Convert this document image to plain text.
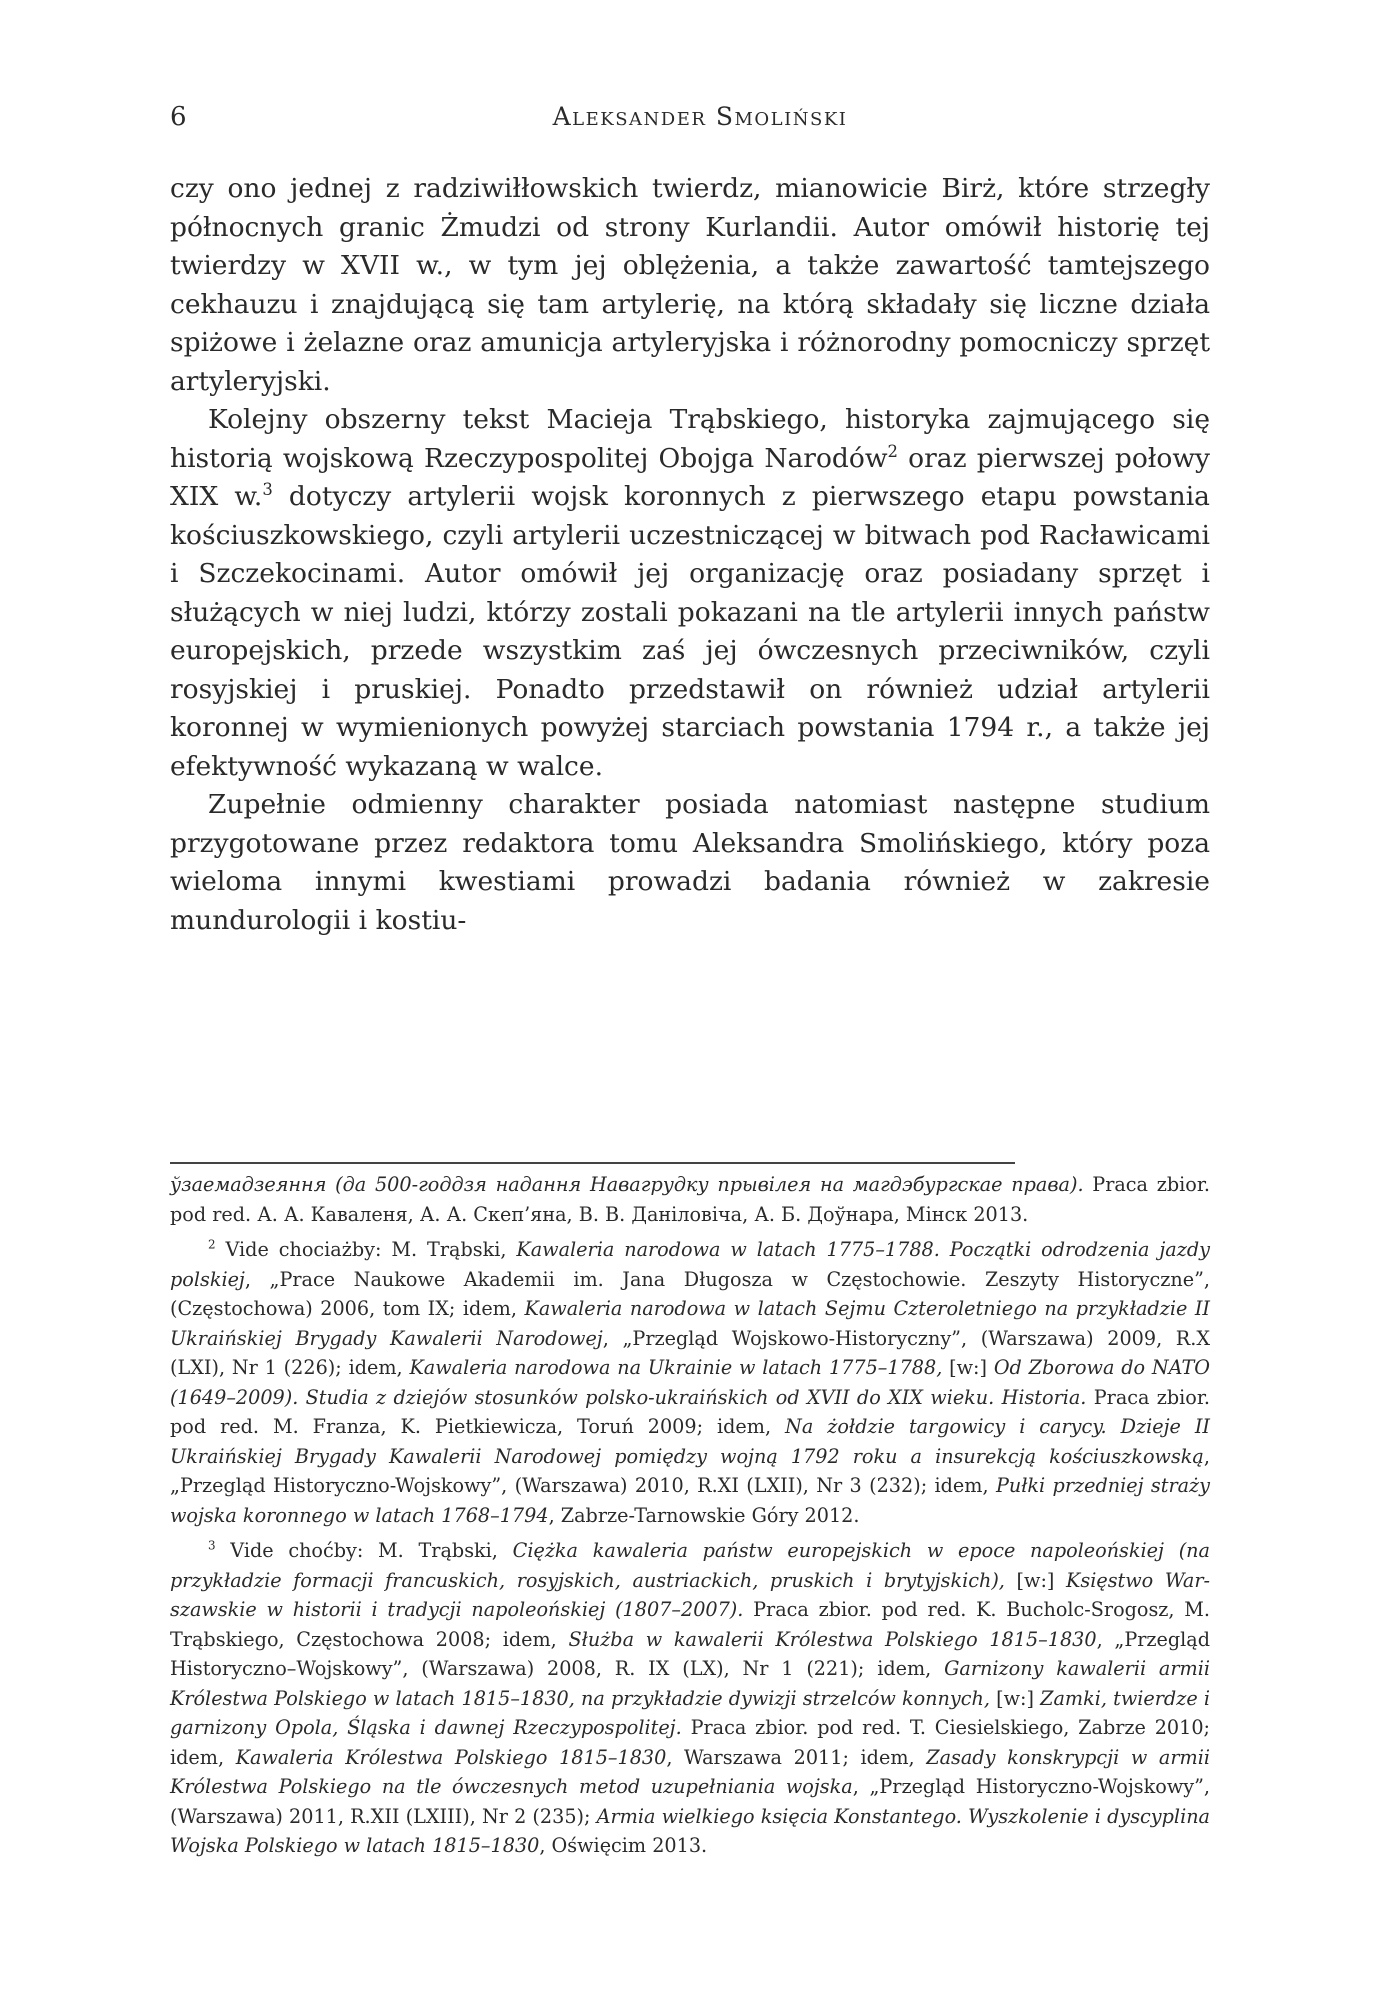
6	Aleksander Smoliński

czy ono jednej z radziwiłłowskich twierdz, mianowicie Birż, które strzegły północnych granic Żmudzi od strony Kurlandii. Autor omówił historię tej twierdzy w XVII w., w tym jej oblężenia, a także zawartość tamtejszego cekhauzu i znajdującą się tam artylerię, na którą składały się liczne działa spiżowe i żelazne oraz amunicja artyleryjska i różnorodny pomocniczy sprzęt artyleryjski.

Kolejny obszerny tekst Macieja Trąbskiego, historyka zajmującego się historią wojskową Rzeczypospolitej Obojga Narodów$^2$ oraz pierwszej połowy XIX w.$^3$ dotyczy artylerii wojsk koronnych z pierwszego etapu powstania kościuszkowskiego, czyli artylerii uczestniczącej w bitwach pod Racławicami i Szczekocinami. Autor omówił jej organizację oraz posiadany sprzęt i służących w niej ludzi, którzy zostali pokazani na tle artylerii innych państw europejskich, przede wszystkim zaś jej ówczesnych przeciwników, czyli rosyjskiej i pruskiej. Ponadto przedstawił on również udział artylerii koronnej w wymienionych powyżej starciach powstania 1794 r., a także jej efektywność wykazaną w walce.

Zupełnie odmienny charakter posiada natomiast następne studium przygotowane przez redaktora tomu Aleksandra Smolińskiego, który poza wieloma innymi kwestiami prowadzi badania również w zakresie mundurologii i kostiu-

ўзаемадзеяння (да 500-годдзя надання Навагрудку прывілея на магдэбургскае права). Praca zbior. pod red. А. А. Каваленя, А. А. Скеп’яна, В. В. Даніловіча, А. Б. Доўнара, Мінск 2013.

$^2$ Vide chociażby: M. Trąbski, Kawaleria narodowa w latach 1775–1788. Początki odrodzenia jazdy polskiej, „Prace Naukowe Akademii im. Jana Długosza w Częstochowie. Zeszyty Historyczne”, (Częstochowa) 2006, tom IX; idem, Kawaleria narodowa w latach Sejmu Czteroletniego na przykładzie II Ukraińskiej Brygady Kawalerii Narodowej, „Przegląd Wojskowo-Historyczny”, (Warszawa) 2009, R.X (LXI), Nr 1 (226); idem, Kawaleria narodowa na Ukrainie w latach 1775–1788, [w:] Od Zborowa do NATO (1649–2009). Studia z dziejów stosunków polsko-ukraińskich od XVII do XIX wieku. Historia. Praca zbior. pod red. M. Franza, K. Pietkiewicza, Toruń 2009; idem, Na żołdzie targowicy i carycy. Dzieje II Ukraińskiej Brygady Kawalerii Narodowej pomiędzy wojną 1792 roku a insurekcją kościuszkowską, „Przegląd Historyczno-Wojskowy”, (Warszawa) 2010, R.XI (LXII), Nr 3 (232); idem, Pułki przedniej straży wojska koronnego w latach 1768–1794, Zabrze-Tarnowskie Góry 2012.

$^3$ Vide choćby: M. Trąbski, Ciężka kawaleria państw europejskich w epoce napoleońskiej (na przykładzie formacji francuskich, rosyjskich, austriackich, pruskich i brytyjskich), [w:] Księstwo Warszawskie w historii i tradycji napoleońskiej (1807–2007). Praca zbior. pod red. K. Bucholc-Srogosz, M. Trąbskiego, Częstochowa 2008; idem, Służba w kawalerii Królestwa Polskiego 1815–1830, „Przegląd Historyczno–Wojskowy”, (Warszawa) 2008, R. IX (LX), Nr 1 (221); idem, Garnizony kawalerii armii Królestwa Polskiego w latach 1815–1830, na przykładzie dywizji strzelców konnych, [w:] Zamki, twierdze i garnizony Opola, Śląska i dawnej Rzeczypospolitej. Praca zbior. pod red. T. Ciesielskiego, Zabrze 2010; idem, Kawaleria Królestwa Polskiego 1815–1830, Warszawa 2011; idem, Zasady konskrypcji w armii Królestwa Polskiego na tle ówczesnych metod uzupełniania wojska, „Przegląd Historyczno-Wojskowy”, (Warszawa) 2011, R.XII (LXIII), Nr 2 (235); Armia wielkiego księcia Konstantego. Wyszkolenie i dyscyplina Wojska Polskiego w latach 1815–1830, Oświęcim 2013.
